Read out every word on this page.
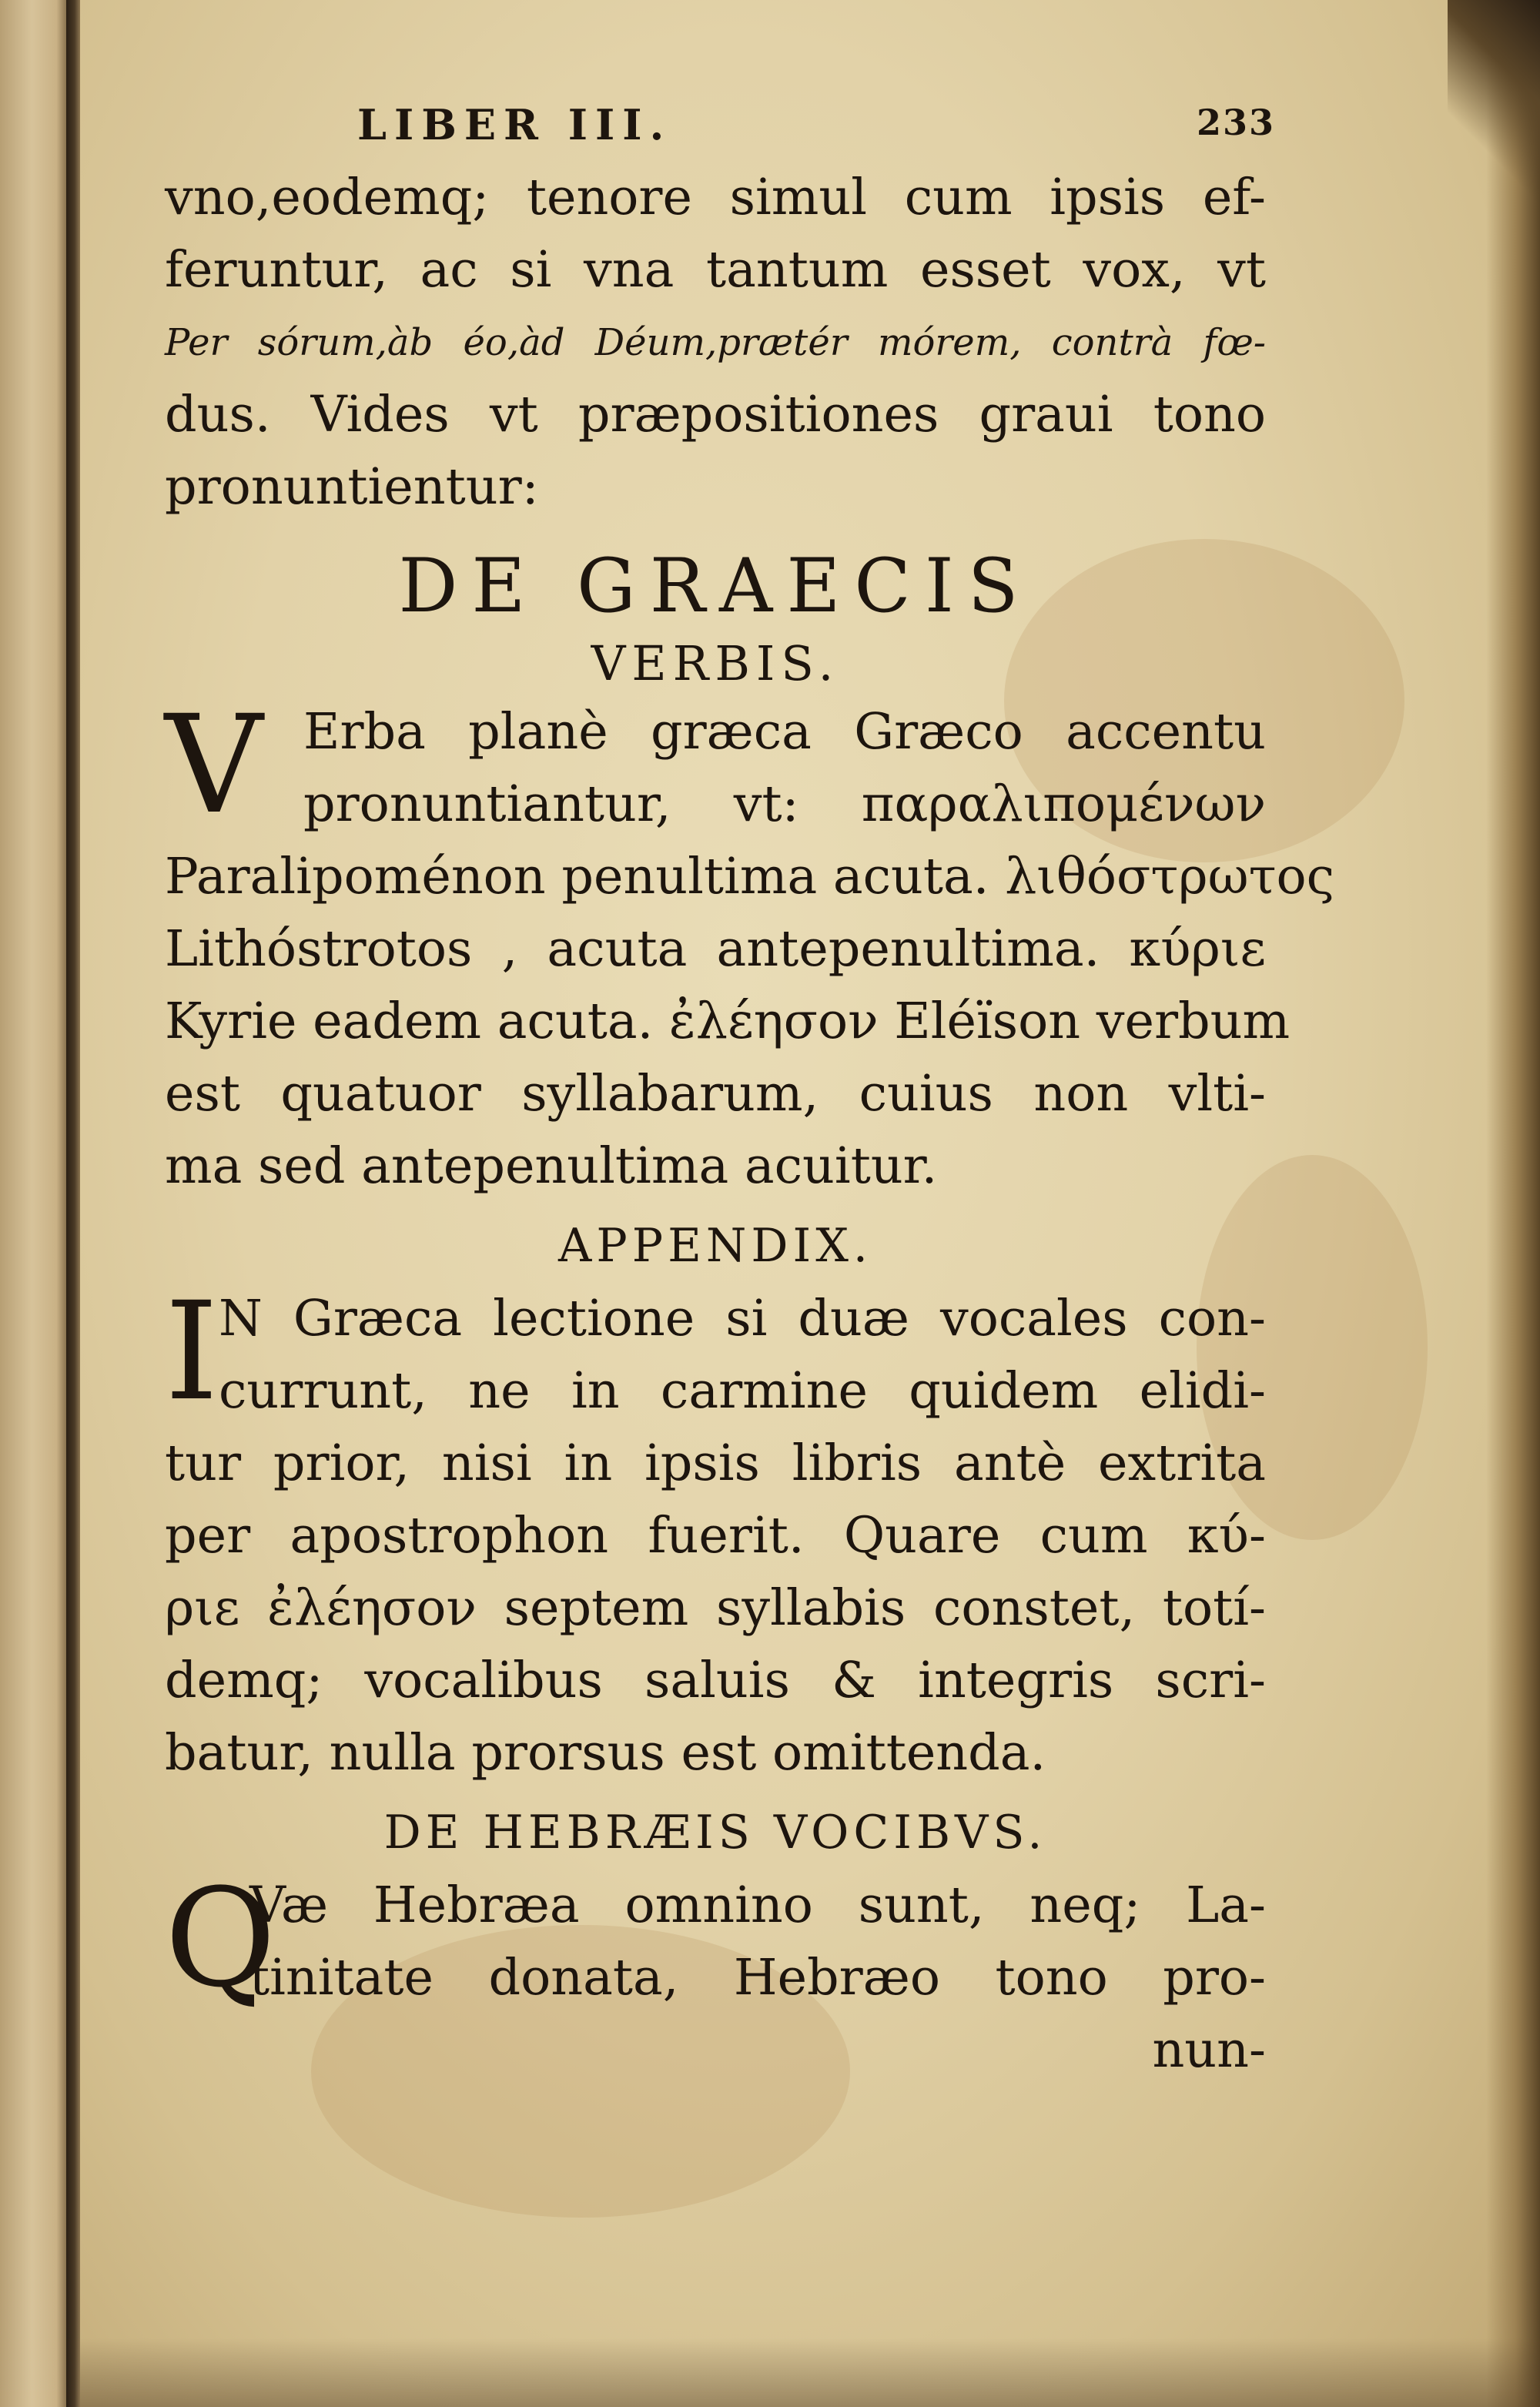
LIBER III.	233
vno,eodemq; tenore simul cum ipsis ef-
feruntur, ac si vna tantum esset vox, vt
Per sórum,àb éo,àd Déum,prætér mórem, contrà fœ-
dus. Vides vt præpositiones graui tono
pronuntientur:
DE GRAECIS
VERBIS.
V Erba planè græca Græco accentu
pronuntiantur, vt: παραλιπομένων
Paralipoménon penultima acuta. λιθόστρωτος
Lithóstrotos , acuta antepenultima. κύριε
Kyrie eadem acuta. ἐλέησον Eléïson verbum
est quatuor syllabarum, cuius non vlti-
ma sed antepenultima acuitur.
APPENDIX.
I N Græca lectione si duæ vocales con-
currunt, ne in carmine quidem elidi-
tur prior, nisi in ipsis libris antè extrita
per apostrophon fuerit. Quare cum κύ-
ριε ἐλέησον septem syllabis constet, totí-
demq; vocalibus saluis & integris scri-
batur, nulla prorsus est omittenda.
DE HEBRÆIS VOCIBVS.
Q
Væ Hebræa omnino sunt, neq; La-
tinitate donata, Hebræo tono pro-
nun-
